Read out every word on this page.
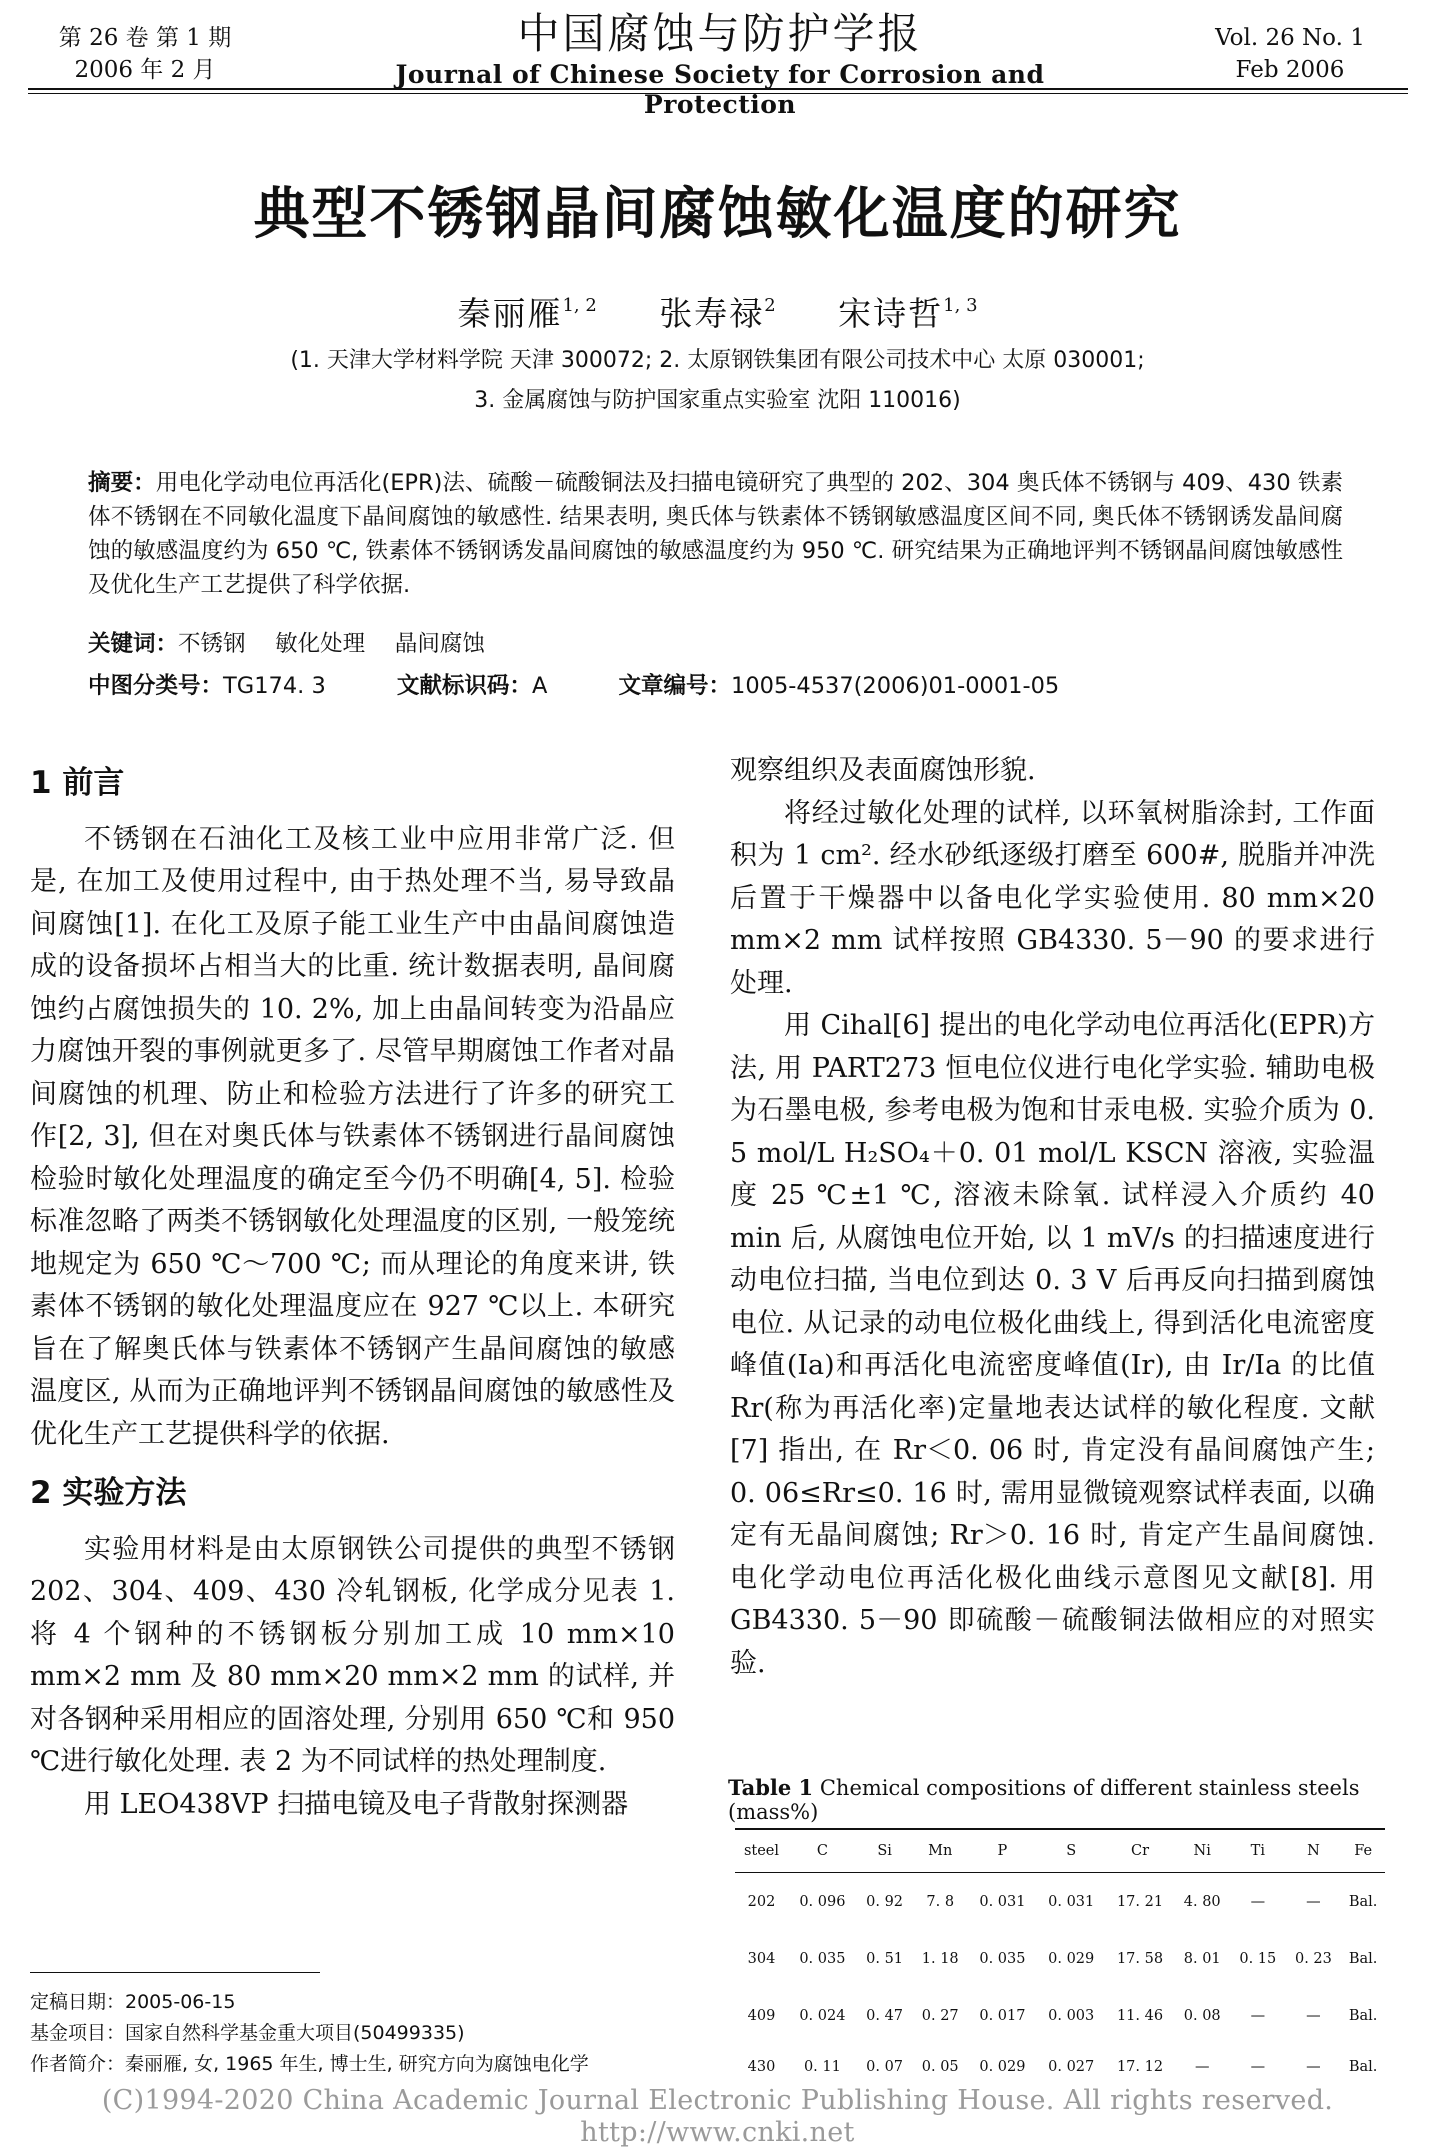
第 26 卷 第 1 期
2006 年 2 月
中国腐蚀与防护学报
Journal of Chinese Society for Corrosion and Protection
Vol. 26 No. 1
Feb 2006
典型不锈钢晶间腐蚀敏化温度的研究
秦丽雁$^{1, 2}$ 张寿禄$^2$ 宋诗哲$^{1, 3}$
(1. 天津大学材料学院 天津 300072; 2. 太原钢铁集团有限公司技术中心 太原 030001;
3. 金属腐蚀与防护国家重点实验室 沈阳 110016)
摘要：用电化学动电位再活化(EPR)法、硫酸－硫酸铜法及扫描电镜研究了典型的 202、304 奥氏体不锈钢与 409、430 铁素体不锈钢在不同敏化温度下晶间腐蚀的敏感性. 结果表明, 奥氏体与铁素体不锈钢敏感温度区间不同, 奥氏体不锈钢诱发晶间腐蚀的敏感温度约为 650 ℃, 铁素体不锈钢诱发晶间腐蚀的敏感温度约为 950 ℃. 研究结果为正确地评判不锈钢晶间腐蚀敏感性及优化生产工艺提供了科学依据.
关键词：不锈钢　 敏化处理　 晶间腐蚀
中图分类号：TG174. 3	文献标识码：A	文章编号：1005-4537(2006)01-0001-05
1 前言

不锈钢在石油化工及核工业中应用非常广泛. 但是, 在加工及使用过程中, 由于热处理不当, 易导致晶间腐蚀[1]. 在化工及原子能工业生产中由晶间腐蚀造成的设备损坏占相当大的比重. 统计数据表明, 晶间腐蚀约占腐蚀损失的 10. 2%, 加上由晶间转变为沿晶应力腐蚀开裂的事例就更多了. 尽管早期腐蚀工作者对晶间腐蚀的机理、防止和检验方法进行了许多的研究工作[2, 3], 但在对奥氏体与铁素体不锈钢进行晶间腐蚀检验时敏化处理温度的确定至今仍不明确[4, 5]. 检验标准忽略了两类不锈钢敏化处理温度的区别, 一般笼统地规定为 650 ℃～700 ℃; 而从理论的角度来讲, 铁素体不锈钢的敏化处理温度应在 927 ℃以上. 本研究旨在了解奥氏体与铁素体不锈钢产生晶间腐蚀的敏感温度区, 从而为正确地评判不锈钢晶间腐蚀的敏感性及优化生产工艺提供科学的依据.

2 实验方法

实验用材料是由太原钢铁公司提供的典型不锈钢 202、304、409、430 冷轧钢板, 化学成分见表 1. 将 4 个钢种的不锈钢板分别加工成 10 mm×10 mm×2 mm 及 80 mm×20 mm×2 mm 的试样, 并对各钢种采用相应的固溶处理, 分别用 650 ℃和 950 ℃进行敏化处理. 表 2 为不同试样的热处理制度.

用 LEO438VP 扫描电镜及电子背散射探测器

观察组织及表面腐蚀形貌.

将经过敏化处理的试样, 以环氧树脂涂封, 工作面积为 1 cm². 经水砂纸逐级打磨至 600#, 脱脂并冲洗后置于干燥器中以备电化学实验使用. 80 mm×20 mm×2 mm 试样按照 GB4330. 5－90 的要求进行处理.

用 Cihal[6] 提出的电化学动电位再活化(EPR)方法, 用 PART273 恒电位仪进行电化学实验. 辅助电极为石墨电极, 参考电极为饱和甘汞电极. 实验介质为 0. 5 mol/L H₂SO₄＋0. 01 mol/L KSCN 溶液, 实验温度 25 ℃±1 ℃, 溶液未除氧. 试样浸入介质约 40 min 后, 从腐蚀电位开始, 以 1 mV/s 的扫描速度进行动电位扫描, 当电位到达 0. 3 V 后再反向扫描到腐蚀电位. 从记录的动电位极化曲线上, 得到活化电流密度峰值(Ia)和再活化电流密度峰值(Ir), 由 Ir/Ia 的比值 Rr(称为再活化率)定量地表达试样的敏化程度. 文献[7] 指出, 在 Rr＜0. 06 时, 肯定没有晶间腐蚀产生; 0. 06≤Rr≤0. 16 时, 需用显微镜观察试样表面, 以确定有无晶间腐蚀; Rr＞0. 16 时, 肯定产生晶间腐蚀. 电化学动电位再活化极化曲线示意图见文献[8]. 用 GB4330. 5－90 即硫酸－硫酸铜法做相应的对照实验.

Table 1 Chemical compositions of different stainless steels (mass%)
steel	C	Si	Mn	P	S	Cr	Ni	Ti	N	Fe
202	0. 096	0. 92	7. 8	0. 031	0. 031	17. 21	4. 80	—	—	Bal.
304	0. 035	0. 51	1. 18	0. 035	0. 029	17. 58	8. 01	0. 15	0. 23	Bal.
409	0. 024	0. 47	0. 27	0. 017	0. 003	11. 46	0. 08	—	—	Bal.
430	0. 11	0. 07	0. 05	0. 029	0. 027	17. 12	—	—	—	Bal.
定稿日期：2005-06-15
基金项目：国家自然科学基金重大项目(50499335)
作者简介：秦丽雁, 女, 1965 年生, 博士生, 研究方向为腐蚀电化学
(C)1994-2020 China Academic Journal Electronic Publishing House. All rights reserved.　 http://www.cnki.net
